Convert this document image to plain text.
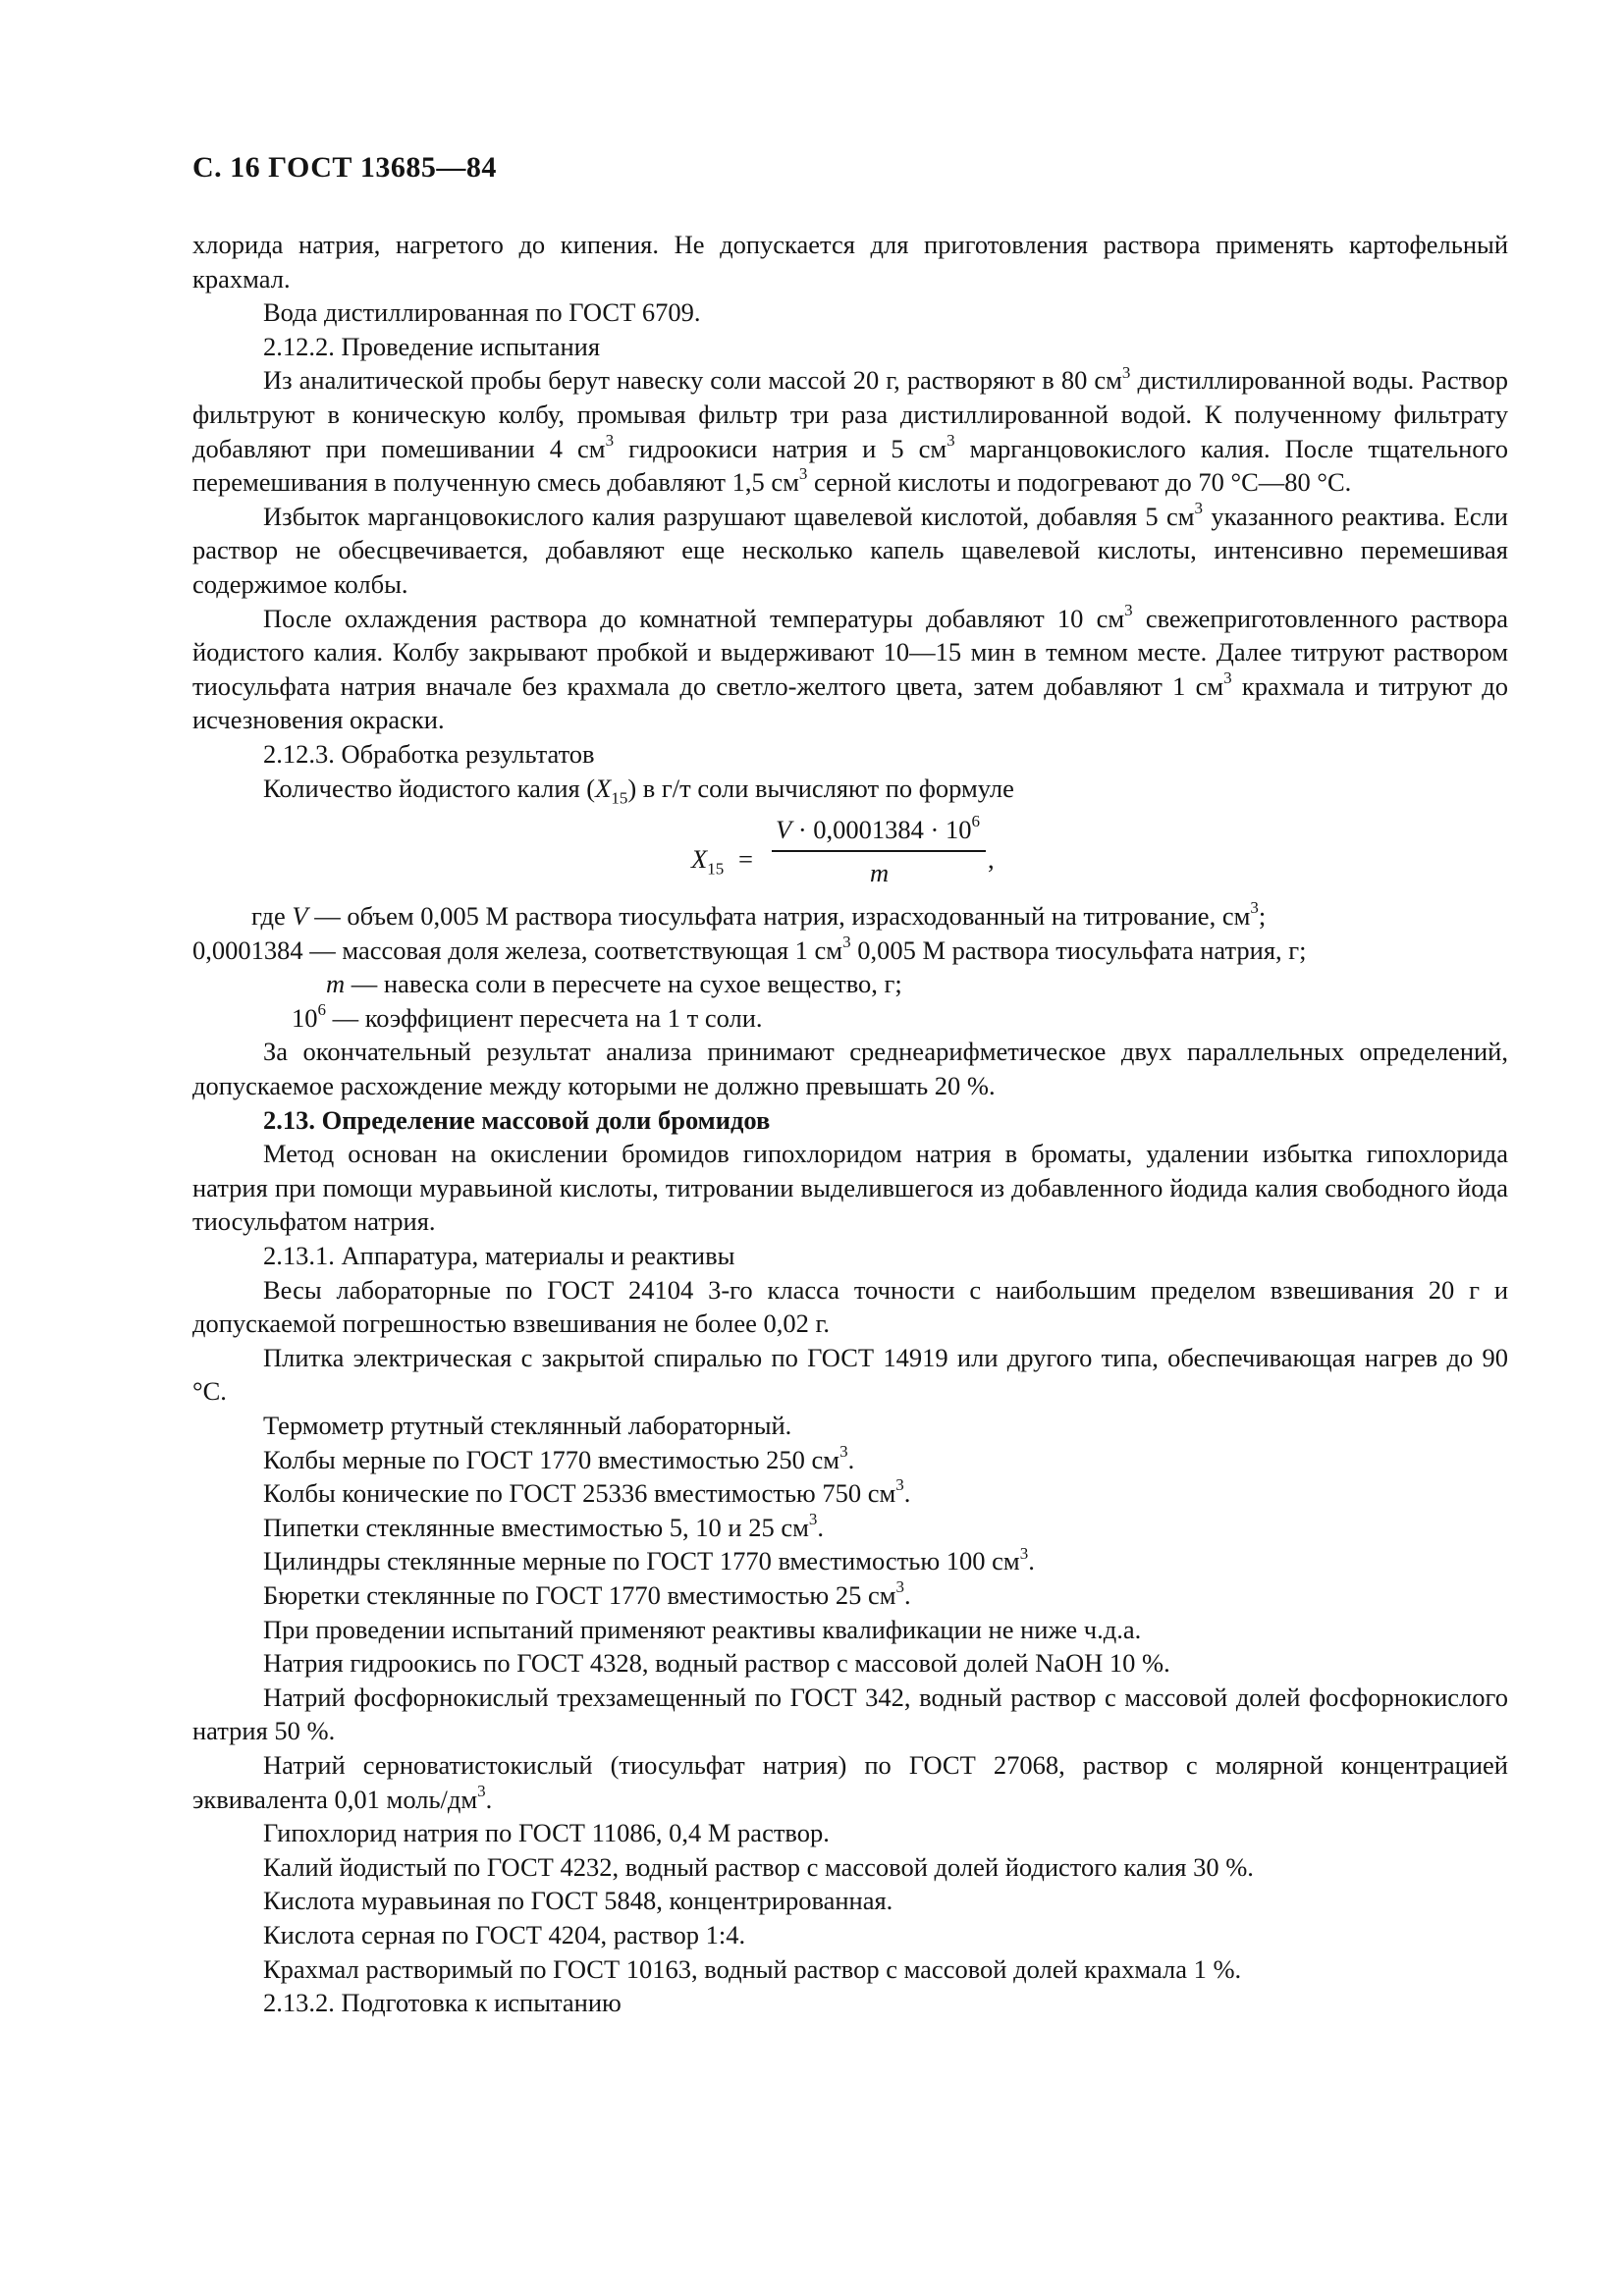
С. 16 ГОСТ 13685—84

хлорида натрия, нагретого до кипения. Не допускается для приготовления раствора применять картофельный крахмал.

Вода дистиллированная по ГОСТ 6709.

2.12.2. Проведение испытания

Из аналитической пробы берут навеску соли массой 20 г, растворяют в 80 $см^3$ дистиллированной воды. Раствор фильтруют в коническую колбу, промывая фильтр три раза дистиллированной водой. К полученному фильтрату добавляют при помешивании 4 $см^3$ гидроокиси натрия и 5 $см^3$ марганцовокислого калия. После тщательного перемешивания в полученную смесь добавляют 1,5 $см^3$ серной кислоты и подогревают до 70 °С—80 °С.

Избыток марганцовокислого калия разрушают щавелевой кислотой, добавляя 5 $см^3$ указанного реактива. Если раствор не обесцвечивается, добавляют еще несколько капель щавелевой кислоты, интенсивно перемешивая содержимое колбы.

После охлаждения раствора до комнатной температуры добавляют 10 $см^3$ свежеприготовленного раствора йодистого калия. Колбу закрывают пробкой и выдерживают 10—15 мин в темном месте. Далее титруют раствором тиосульфата натрия вначале без крахмала до светло-желтого цвета, затем добавляют 1 $см^3$ крахмала и титруют до исчезновения окраски.

2.12.3. Обработка результатов

Количество йодистого калия $(X_{15})$ в г/т соли вычисляют по формуле

$X_{15}$ =
$V \cdot 0,0001384 \cdot 10^6$
m	,

где V — объем 0,005 М раствора тиосульфата натрия, израсходованный на титрование, $см^3$;

0,0001384 — массовая доля железа, соответствующая 1 $см^3$ 0,005 М раствора тиосульфата натрия, г;

m — навеска соли в пересчете на сухое вещество, г;

$10^6$ — коэффициент пересчета на 1 т соли.

За окончательный результат анализа принимают среднеарифметическое двух параллельных определений, допускаемое расхождение между которыми не должно превышать 20 %.

2.13. Определение массовой доли бромидов

Метод основан на окислении бромидов гипохлоридом натрия в броматы, удалении избытка гипохлорида натрия при помощи муравьиной кислоты, титровании выделившегося из добавленного йодида калия свободного йода тиосульфатом натрия.

2.13.1. Аппаратура, материалы и реактивы

Весы лабораторные по ГОСТ 24104 3-го класса точности с наибольшим пределом взвешивания 20 г и допускаемой погрешностью взвешивания не более 0,02 г.

Плитка электрическая с закрытой спиралью по ГОСТ 14919 или другого типа, обеспечивающая нагрев до 90 °С.

Термометр ртутный стеклянный лабораторный.

Колбы мерные по ГОСТ 1770 вместимостью 250 $см^3$.

Колбы конические по ГОСТ 25336 вместимостью 750 $см^3$.

Пипетки стеклянные вместимостью 5, 10 и 25 $см^3$.

Цилиндры стеклянные мерные по ГОСТ 1770 вместимостью 100 $см^3$.

Бюретки стеклянные по ГОСТ 1770 вместимостью 25 $см^3$.

При проведении испытаний применяют реактивы квалификации не ниже ч.д.а.

Натрия гидроокись по ГОСТ 4328, водный раствор с массовой долей NaOH 10 %.

Натрий фосфорнокислый трехзамещенный по ГОСТ 342, водный раствор с массовой долей фосфорнокислого натрия 50 %.

Натрий серноватистокислый (тиосульфат натрия) по ГОСТ 27068, раствор с молярной концентрацией эквивалента 0,01 моль/$дм^3$.

Гипохлорид натрия по ГОСТ 11086, 0,4 М раствор.

Калий йодистый по ГОСТ 4232, водный раствор с массовой долей йодистого калия 30 %.

Кислота муравьиная по ГОСТ 5848, концентрированная.

Кислота серная по ГОСТ 4204, раствор 1:4.

Крахмал растворимый по ГОСТ 10163, водный раствор с массовой долей крахмала 1 %.

2.13.2. Подготовка к испытанию
